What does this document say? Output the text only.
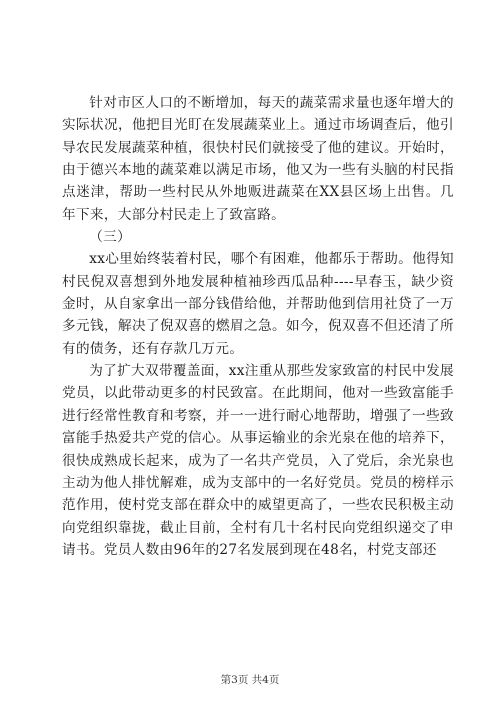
针对市区人口的不断增加，每天的蔬菜需求量也逐年增大的实际状况，他把目光盯在发展蔬菜业上。通过市场调查后，他引导农民发展蔬菜种植，很快村民们就接受了他的建议。开始时，由于德兴本地的蔬菜难以满足市场，他又为一些有头脑的村民指点迷津，帮助一些村民从外地贩进蔬菜在XX县区场上出售。几年下来，大部分村民走上了致富路。

（三）

xx心里始终装着村民，哪个有困难，他都乐于帮助。他得知村民倪双喜想到外地发展种植袖珍西瓜品种----早春玉，缺少资金时，从自家拿出一部分钱借给他，并帮助他到信用社贷了一万多元钱，解决了倪双喜的燃眉之急。如今，倪双喜不但还清了所有的债务，还有存款几万元。

为了扩大双带覆盖面，xx注重从那些发家致富的村民中发展党员，以此带动更多的村民致富。在此期间，他对一些致富能手进行经常性教育和考察，并一一进行耐心地帮助，增强了一些致富能手热爱共产党的信心。从事运输业的余光泉在他的培养下，很快成熟成长起来，成为了一名共产党员，入了党后，余光泉也主动为他人排忧解难，成为支部中的一名好党员。党员的榜样示范作用，使村党支部在群众中的威望更高了，一些农民积极主动向党组织靠拢，截止目前，全村有几十名村民向党组织递交了申请书。党员人数由96年的27名发展到现在48名，村党支部还

第3页 共4页
